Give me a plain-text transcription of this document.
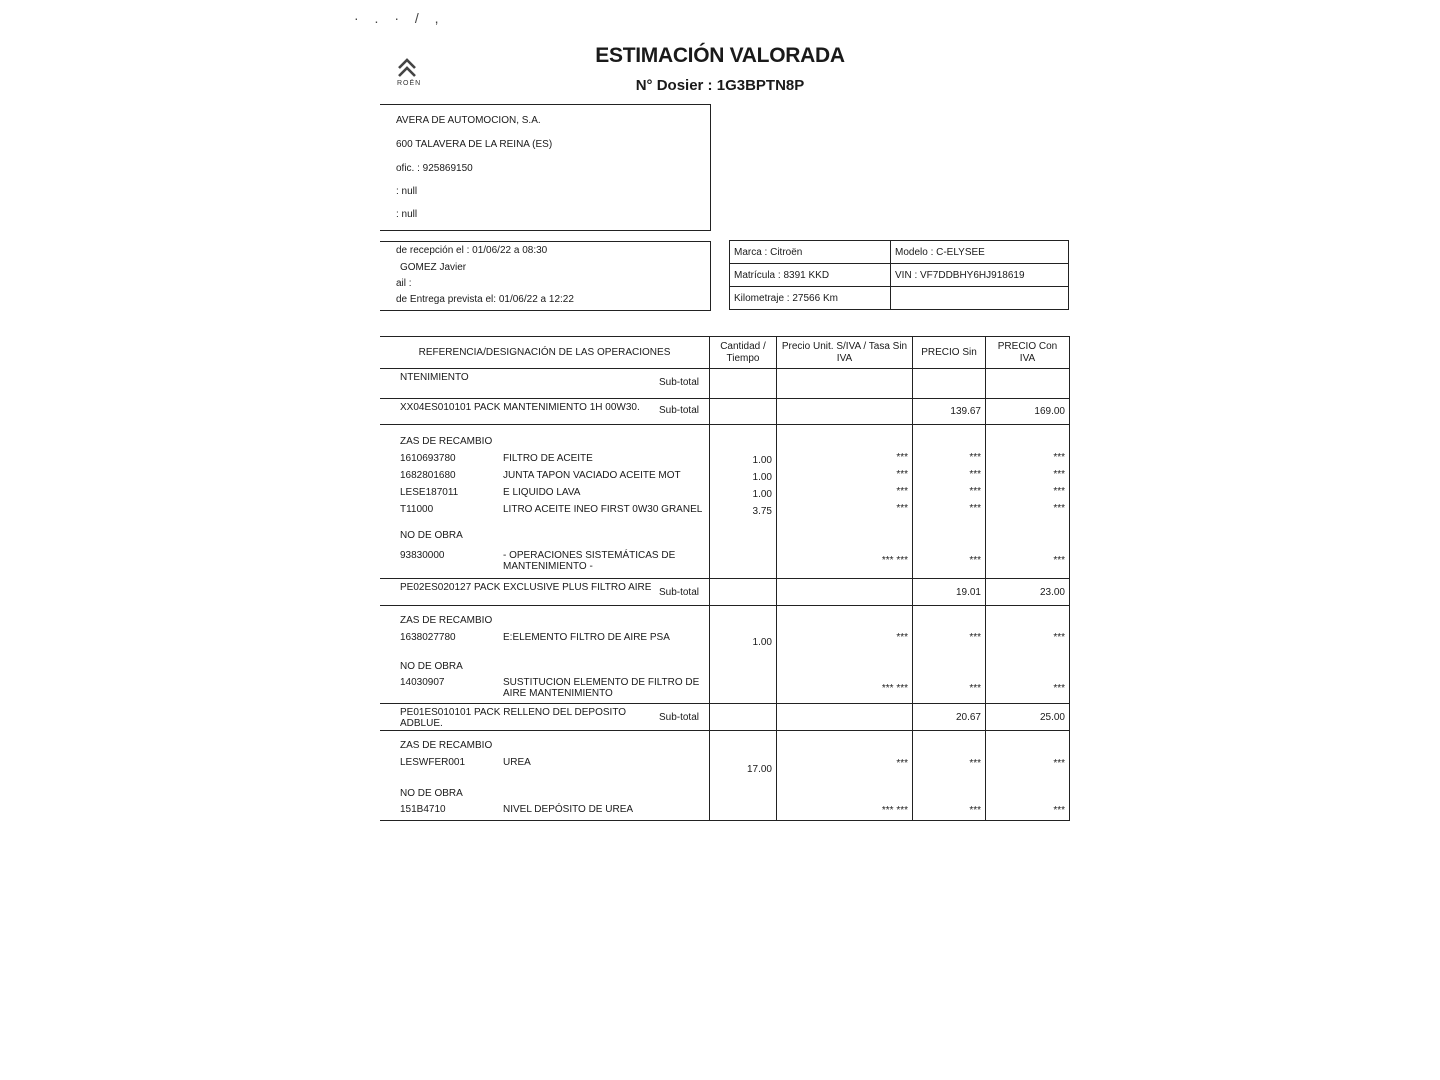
· . · / ,
ROËN
ESTIMACIÓN VALORADA
N° Dosier : 1G3BPTN8P
AVERA DE AUTOMOCION, S.A.
600 TALAVERA DE LA REINA (ES)
ofic. : 925869150
: null
: null
de recepción el : 01/06/22 a 08:30
GOMEZ Javier
ail :
de Entrega prevista el: 01/06/22 a 12:22
Marca : Citroën	Modelo : C-ELYSEE
Matrícula : 8391 KKD	VIN : VF7DDBHY6HJ918619
Kilometraje : 27566 Km	
REFERENCIA/DESIGNACIÓN DE LAS OPERACIONES	Cantidad / Tiempo	Precio Unit. S/IVA / Tasa Sin IVA	PRECIO Sin	PRECIO Con IVA

NTENIMIENTO Sub-total				

XX04ES010101 PACK MANTENIMIENTO 1H 00W30. Sub-total			139.67	169.00

ZAS DE RECAMBIO				

1610693780 FILTRO DE ACEITE	1.00	***	***	***

1682801680 JUNTA TAPON VACIADO ACEITE MOT	1.00	***	***	***

LESE187011 E LIQUIDO LAVA	1.00	***	***	***

T11000 LITRO ACEITE INEO FIRST 0W30 GRANEL	3.75	***	***	***

NO DE OBRA				

93830000 - OPERACIONES SISTEMÁTICAS DE MANTENIMIENTO -		*** ***	***	***

PE02ES020127 PACK EXCLUSIVE PLUS FILTRO AIRE Sub-total			19.01	23.00

ZAS DE RECAMBIO				

1638027780 E:ELEMENTO FILTRO DE AIRE PSA	1.00	***	***	***

NO DE OBRA				

14030907 SUSTITUCION ELEMENTO DE FILTRO DE AIRE MANTENIMIENTO		*** ***	***	***

PE01ES010101 PACK RELLENO DEL DEPOSITO ADBLUE.
Sub-total			20.67	25.00

ZAS DE RECAMBIO				

LESWFER001 UREA	17.00	***	***	***

NO DE OBRA				

151B4710 NIVEL DEPÓSITO DE UREA		*** ***	***	***
